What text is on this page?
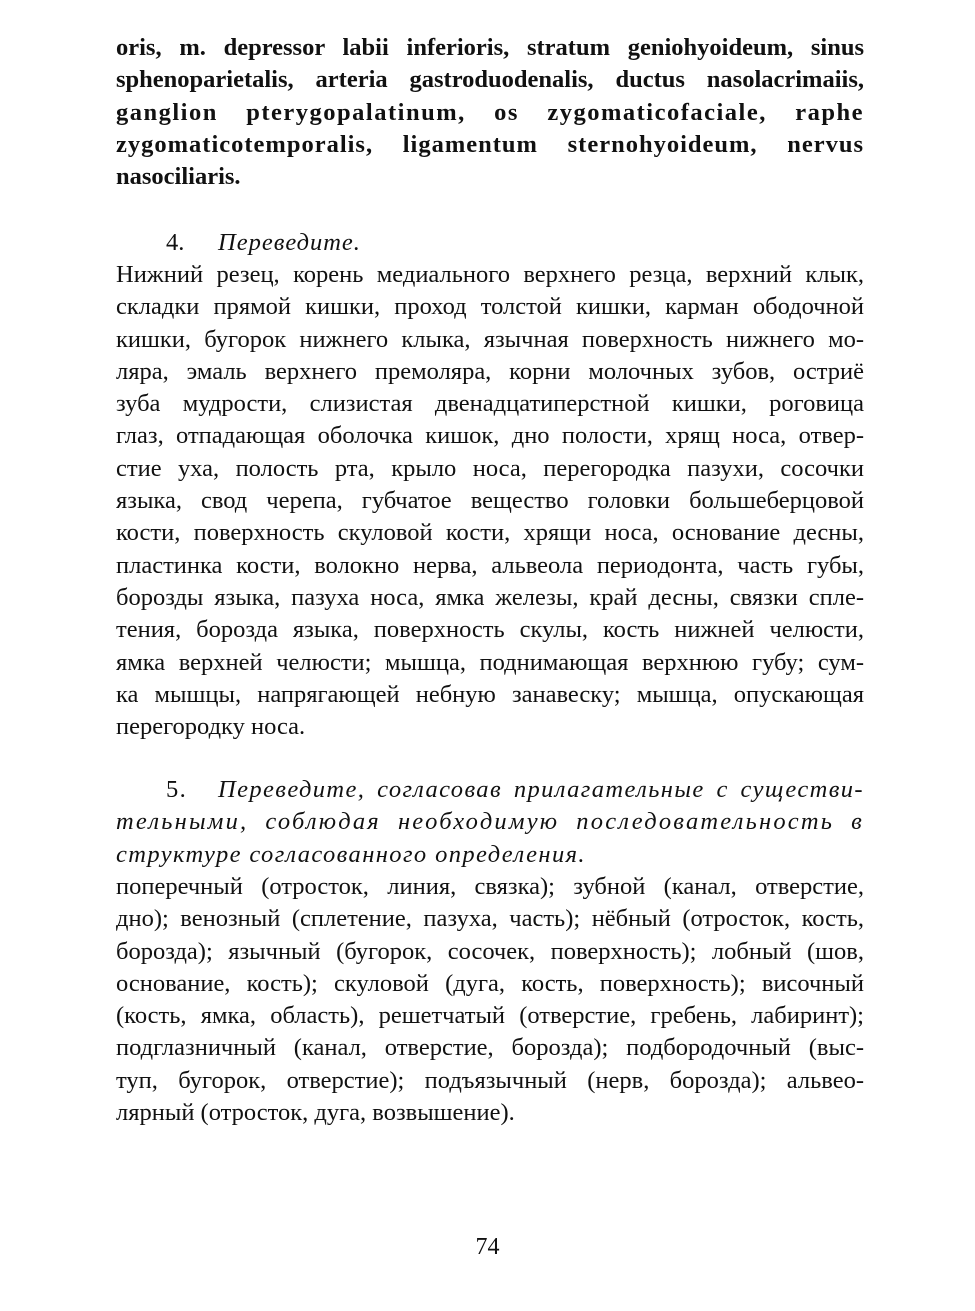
oris, m. depressor labii inferioris, stratum geniohyoideum, sinus
sphenoparietalis, arteria gastroduodenalis, ductus nasolacrimaiis,
ganglion pterygopalatinum, os zygomaticofaciale, raphe
zygomaticotemporalis, ligamentum sternohyoideum, nervus
nasociliaris.
4. Переведите.
Нижний резец, корень медиального верхнего резца, верхний клык,
складки прямой кишки, проход толстой кишки, карман ободочной
кишки, бугорок нижнего клыка, язычная поверхность нижнего мо-
ляра, эмаль верхнего премоляра, корни молочных зубов, остриё
зуба мудрости, слизистая двенадцатиперстной кишки, роговица
глаз, отпадающая оболочка кишок, дно полости, хрящ носа, отвер-
стие уха, полость рта, крыло носа, перегородка пазухи, сосочки
языка, свод черепа, губчатое вещество головки большеберцовой
кости, поверхность скуловой кости, хрящи носа, основание десны,
пластинка кости, волокно нерва, альвеола периодонта, часть губы,
борозды языка, пазуха носа, ямка железы, край десны, связки спле-
тения, борозда языка, поверхность скулы, кость нижней челюсти,
ямка верхней челюсти; мышца, поднимающая верхнюю губу; сум-
ка мышцы, напрягающей небную занавеску; мышца, опускающая
перегородку носа.
5. Переведите, согласовав прилагательные с существи-
тельными, соблюдая необходимую последовательность в
структуре согласованного определения.
поперечный (отросток, линия, связка); зубной (канал, отверстие,
дно); венозный (сплетение, пазуха, часть); нёбный (отросток, кость,
борозда); язычный (бугорок, сосочек, поверхность); лобный (шов,
основание, кость); скуловой (дуга, кость, поверхность); височный
(кость, ямка, область), решетчатый (отверстие, гребень, лабиринт);
подглазничный (канал, отверстие, борозда); подбородочный (выс-
туп, бугорок, отверстие); подъязычный (нерв, борозда); альвео-
лярный (отросток, дуга, возвышение).
74
